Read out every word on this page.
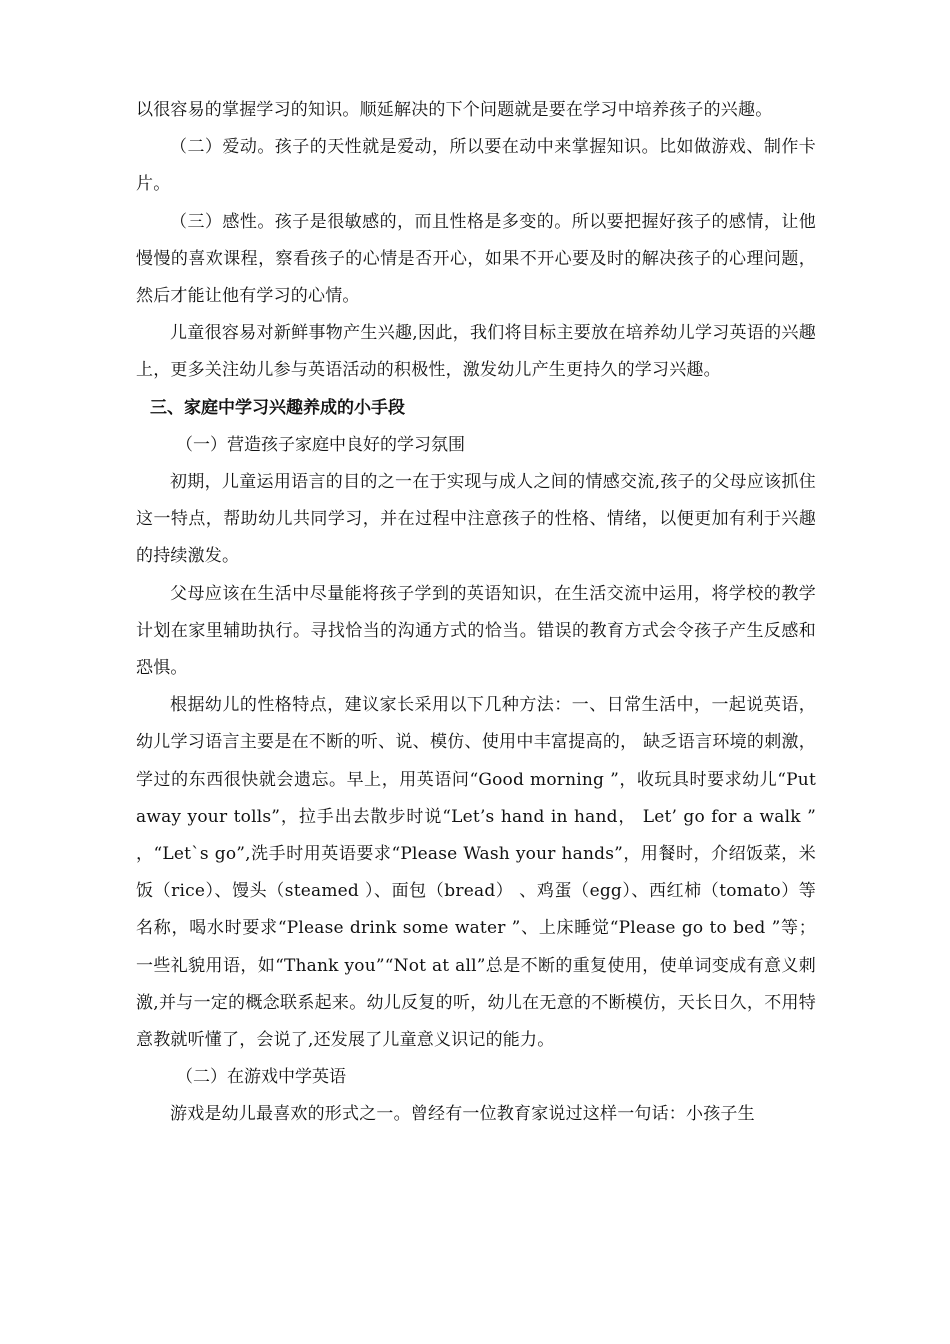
以很容易的掌握学习的知识。顺延解决的下个问题就是要在学习中培养孩子的兴趣。

（二）爱动。孩子的天性就是爱动，所以要在动中来掌握知识。比如做游戏、制作卡片。

（三）感性。孩子是很敏感的，而且性格是多变的。所以要把握好孩子的感情，让他慢慢的喜欢课程，察看孩子的心情是否开心，如果不开心要及时的解决孩子的心理问题，然后才能让他有学习的心情。

儿童很容易对新鲜事物产生兴趣,因此，我们将目标主要放在培养幼儿学习英语的兴趣上，更多关注幼儿参与英语活动的积极性，激发幼儿产生更持久的学习兴趣。

三、家庭中学习兴趣养成的小手段

（一）营造孩子家庭中良好的学习氛围

初期，儿童运用语言的目的之一在于实现与成人之间的情感交流,孩子的父母应该抓住这一特点，帮助幼儿共同学习，并在过程中注意孩子的性格、情绪，以便更加有利于兴趣的持续激发。

父母应该在生活中尽量能将孩子学到的英语知识，在生活交流中运用，将学校的教学计划在家里辅助执行。寻找恰当的沟通方式的恰当。错误的教育方式会令孩子产生反感和恐惧。

根据幼儿的性格特点，建议家长采用以下几种方法：一、日常生活中，一起说英语，幼儿学习语言主要是在不断的听、说、模仿、使用中丰富提高的， 缺乏语言环境的刺激，学过的东西很快就会遗忘。早上，用英语问“Good morning ”，收玩具时要求幼儿“Put away your tolls”，拉手出去散步时说“Let’s hand in hand， Let’ go for a walk ” ，“Let`s go”,洗手时用英语要求“Please Wash your hands”，用餐时，介绍饭菜，米饭（rice）、馒头（steamed ）、面包（bread） 、鸡蛋（egg）、西红柿（tomato）等名称，喝水时要求“Please drink some water ”、上床睡觉“Please go to bed ”等；一些礼貌用语，如“Thank you”“Not at all”总是不断的重复使用，使单词变成有意义刺激,并与一定的概念联系起来。幼儿反复的听，幼儿在无意的不断模仿，天长日久，不用特意教就听懂了，会说了,还发展了儿童意义识记的能力。

（二）在游戏中学英语

游戏是幼儿最喜欢的形式之一。曾经有一位教育家说过这样一句话：小孩子生
